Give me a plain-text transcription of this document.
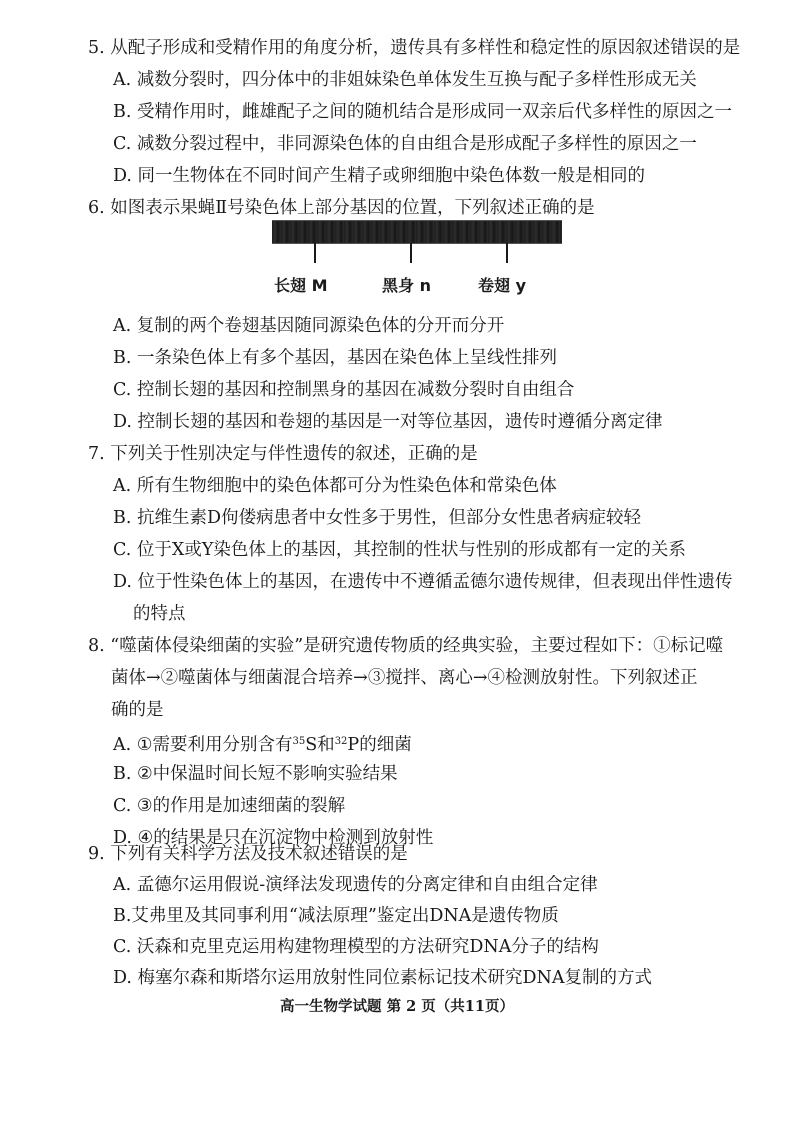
5. 从配子形成和受精作用的角度分析，遗传具有多样性和稳定性的原因叙述错误的是
A. 减数分裂时，四分体中的非姐妹染色单体发生互换与配子多样性形成无关
B. 受精作用时，雌雄配子之间的随机结合是形成同一双亲后代多样性的原因之一
C. 减数分裂过程中，非同源染色体的自由组合是形成配子多样性的原因之一
D. 同一生物体在不同时间产生精子或卵细胞中染色体数一般是相同的
6. 如图表示果蝇Ⅱ号染色体上部分基因的位置，下列叙述正确的是
长翅 M	黑身 n	卷翅 y
A. 复制的两个卷翅基因随同源染色体的分开而分开
B. 一条染色体上有多个基因，基因在染色体上呈线性排列
C. 控制长翅的基因和控制黑身的基因在减数分裂时自由组合
D. 控制长翅的基因和卷翅的基因是一对等位基因，遗传时遵循分离定律
7. 下列关于性别决定与伴性遗传的叙述，正确的是
A. 所有生物细胞中的染色体都可分为性染色体和常染色体
B. 抗维生素D佝偻病患者中女性多于男性，但部分女性患者病症较轻
C. 位于X或Y染色体上的基因，其控制的性状与性别的形成都有一定的关系
D. 位于性染色体上的基因，在遗传中不遵循孟德尔遗传规律，但表现出伴性遗传
的特点
8. “噬菌体侵染细菌的实验”是研究遗传物质的经典实验，主要过程如下：①标记噬
菌体→②噬菌体与细菌混合培养→③搅拌、离心→④检测放射性。下列叙述正
确的是
A. ①需要利用分别含有$^{35}$S和$^{32}$P的细菌
B. ②中保温时间长短不影响实验结果
C. ③的作用是加速细菌的裂解
D. ④的结果是只在沉淀物中检测到放射性
9. 下列有关科学方法及技术叙述错误的是
A. 孟德尔运用假说-演绎法发现遗传的分离定律和自由组合定律
B.艾弗里及其同事利用“减法原理”鉴定出DNA是遗传物质
C. 沃森和克里克运用构建物理模型的方法研究DNA分子的结构
高一生物学试题 第 2 页（共11页）
D. 梅塞尔森和斯塔尔运用放射性同位素标记技术研究DNA复制的方式
